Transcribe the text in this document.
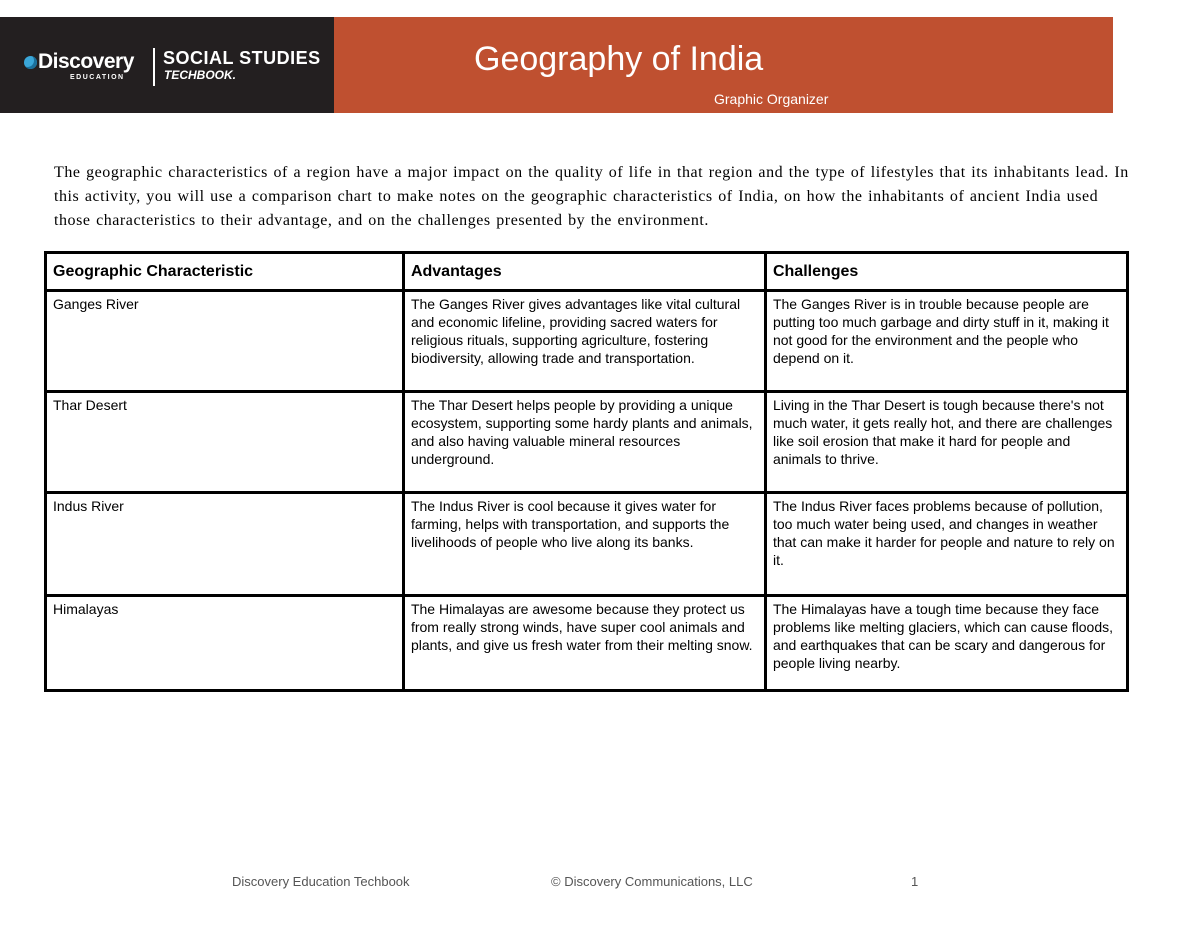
Discovery
EDUCATION
SOCIAL STUDIES
TECHBOOK.	Geography of India
Graphic Organizer

The geographic characteristics of a region have a major impact on the quality of life in that region and the type of lifestyles that its inhabitants lead. In this activity, you will use a comparison chart to make notes on the geographic characteristics of India, on how the inhabitants of ancient India used those characteristics to their advantage, and on the challenges presented by the environment.

Geographic Characteristic	Advantages	Challenges
Ganges River	The Ganges River gives advantages like vital cultural and economic lifeline, providing sacred waters for religious rituals, supporting agriculture, fostering biodiversity, allowing trade and transportation.	The Ganges River is in trouble because people are putting too much garbage and dirty stuff in it, making it not good for the environment and the people who depend on it.
Thar Desert	The Thar Desert helps people by providing a unique ecosystem, supporting some hardy plants and animals, and also having valuable mineral resources underground.	Living in the Thar Desert is tough because there's not much water, it gets really hot, and there are challenges like soil erosion that make it hard for people and animals to thrive.
Indus River	The Indus River is cool because it gives water for farming, helps with transportation, and supports the livelihoods of people who live along its banks.	The Indus River faces problems because of pollution, too much water being used, and changes in weather that can make it harder for people and nature to rely on it.
Himalayas	The Himalayas are awesome because they protect us from really strong winds, have super cool animals and plants, and give us fresh water from their melting snow.	The Himalayas have a tough time because they face problems like melting glaciers, which can cause floods, and earthquakes that can be scary and dangerous for people living nearby.
Discovery Education Techbook	© Discovery Communications, LLC	1
